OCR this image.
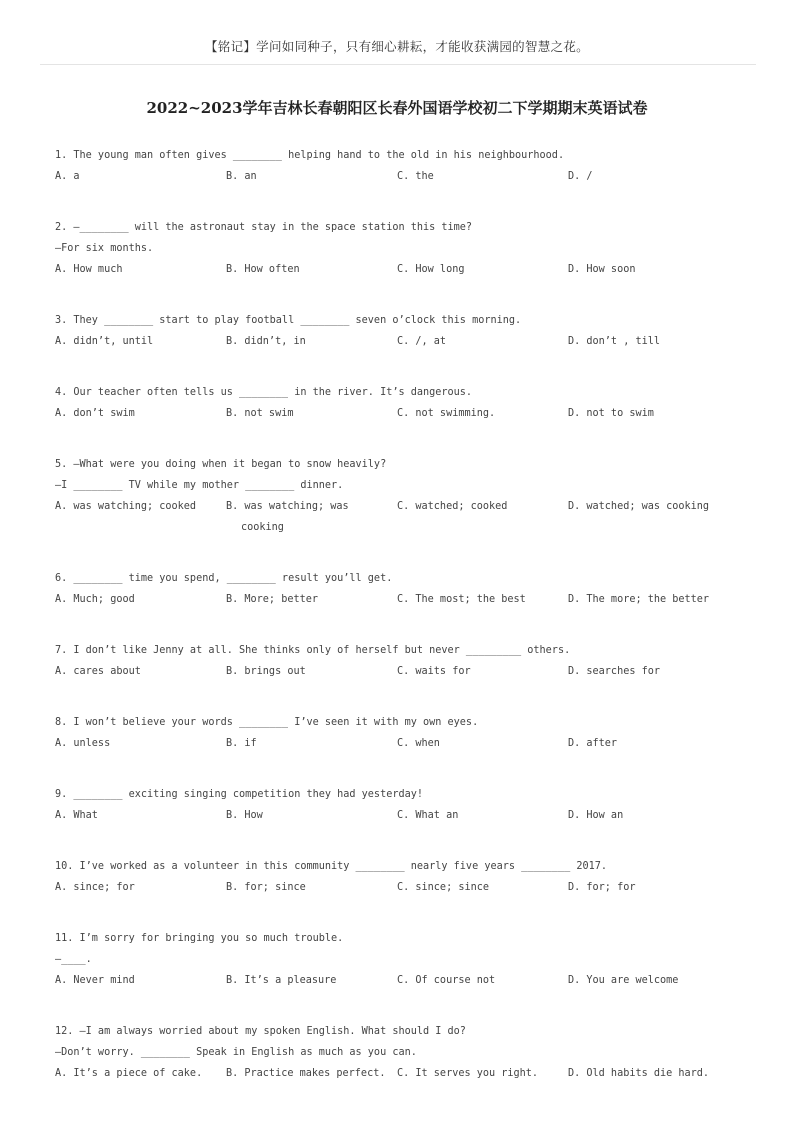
【铭记】学问如同种子，只有细心耕耘，才能收获满园的智慧之花。
2022~2023学年吉林长春朝阳区长春外国语学校初二下学期期末英语试卷
1. The young man often gives ________ helping hand to the old in his neighbourhood.
A. a	B. an	C. the	D. /
2. —________ will the astronaut stay in the space station this time?
—For six months.
A. How much	B. How often	C. How long	D. How soon
3. They ________ start to play football ________ seven o’clock this morning.
A. didn’t, until	B. didn’t, in	C. /, at	D. don’t , till
4. Our teacher often tells us ________ in the river. It’s dangerous.
A. don’t swim	B. not swim	C. not swimming.	D. not to swim
5. —What were you doing when it began to snow heavily?
—I ________ TV while my mother ________ dinner.
A. was watching; cooked	B. was watching; was
cooking
C. watched; cooked	D. watched; was cooking
6. ________ time you spend, ________ result you’ll get.
A. Much; good	B. More; better	C. The most; the best	D. The more; the better
7. I don’t like Jenny at all. She thinks only of herself but never _________ others.
A. cares about	B. brings out	C. waits for	D. searches for
8. I won’t believe your words ________ I’ve seen it with my own eyes.
A. unless	B. if	C. when	D. after
9. ________ exciting singing competition they had yesterday!
A. What	B. How	C. What an	D. How an
10. I’ve worked as a volunteer in this community ________ nearly five years ________ 2017.
A. since; for	B. for; since	C. since; since	D. for; for
11. I’m sorry for bringing you so much trouble.
—____.
A. Never mind	B. It’s a pleasure	C. Of course not	D. You are welcome
12. —I am always worried about my spoken English. What should I do?
—Don’t worry. ________ Speak in English as much as you can.
A. It’s a piece of cake.	B. Practice makes perfect.	C. It serves you right.	D. Old habits die hard.
